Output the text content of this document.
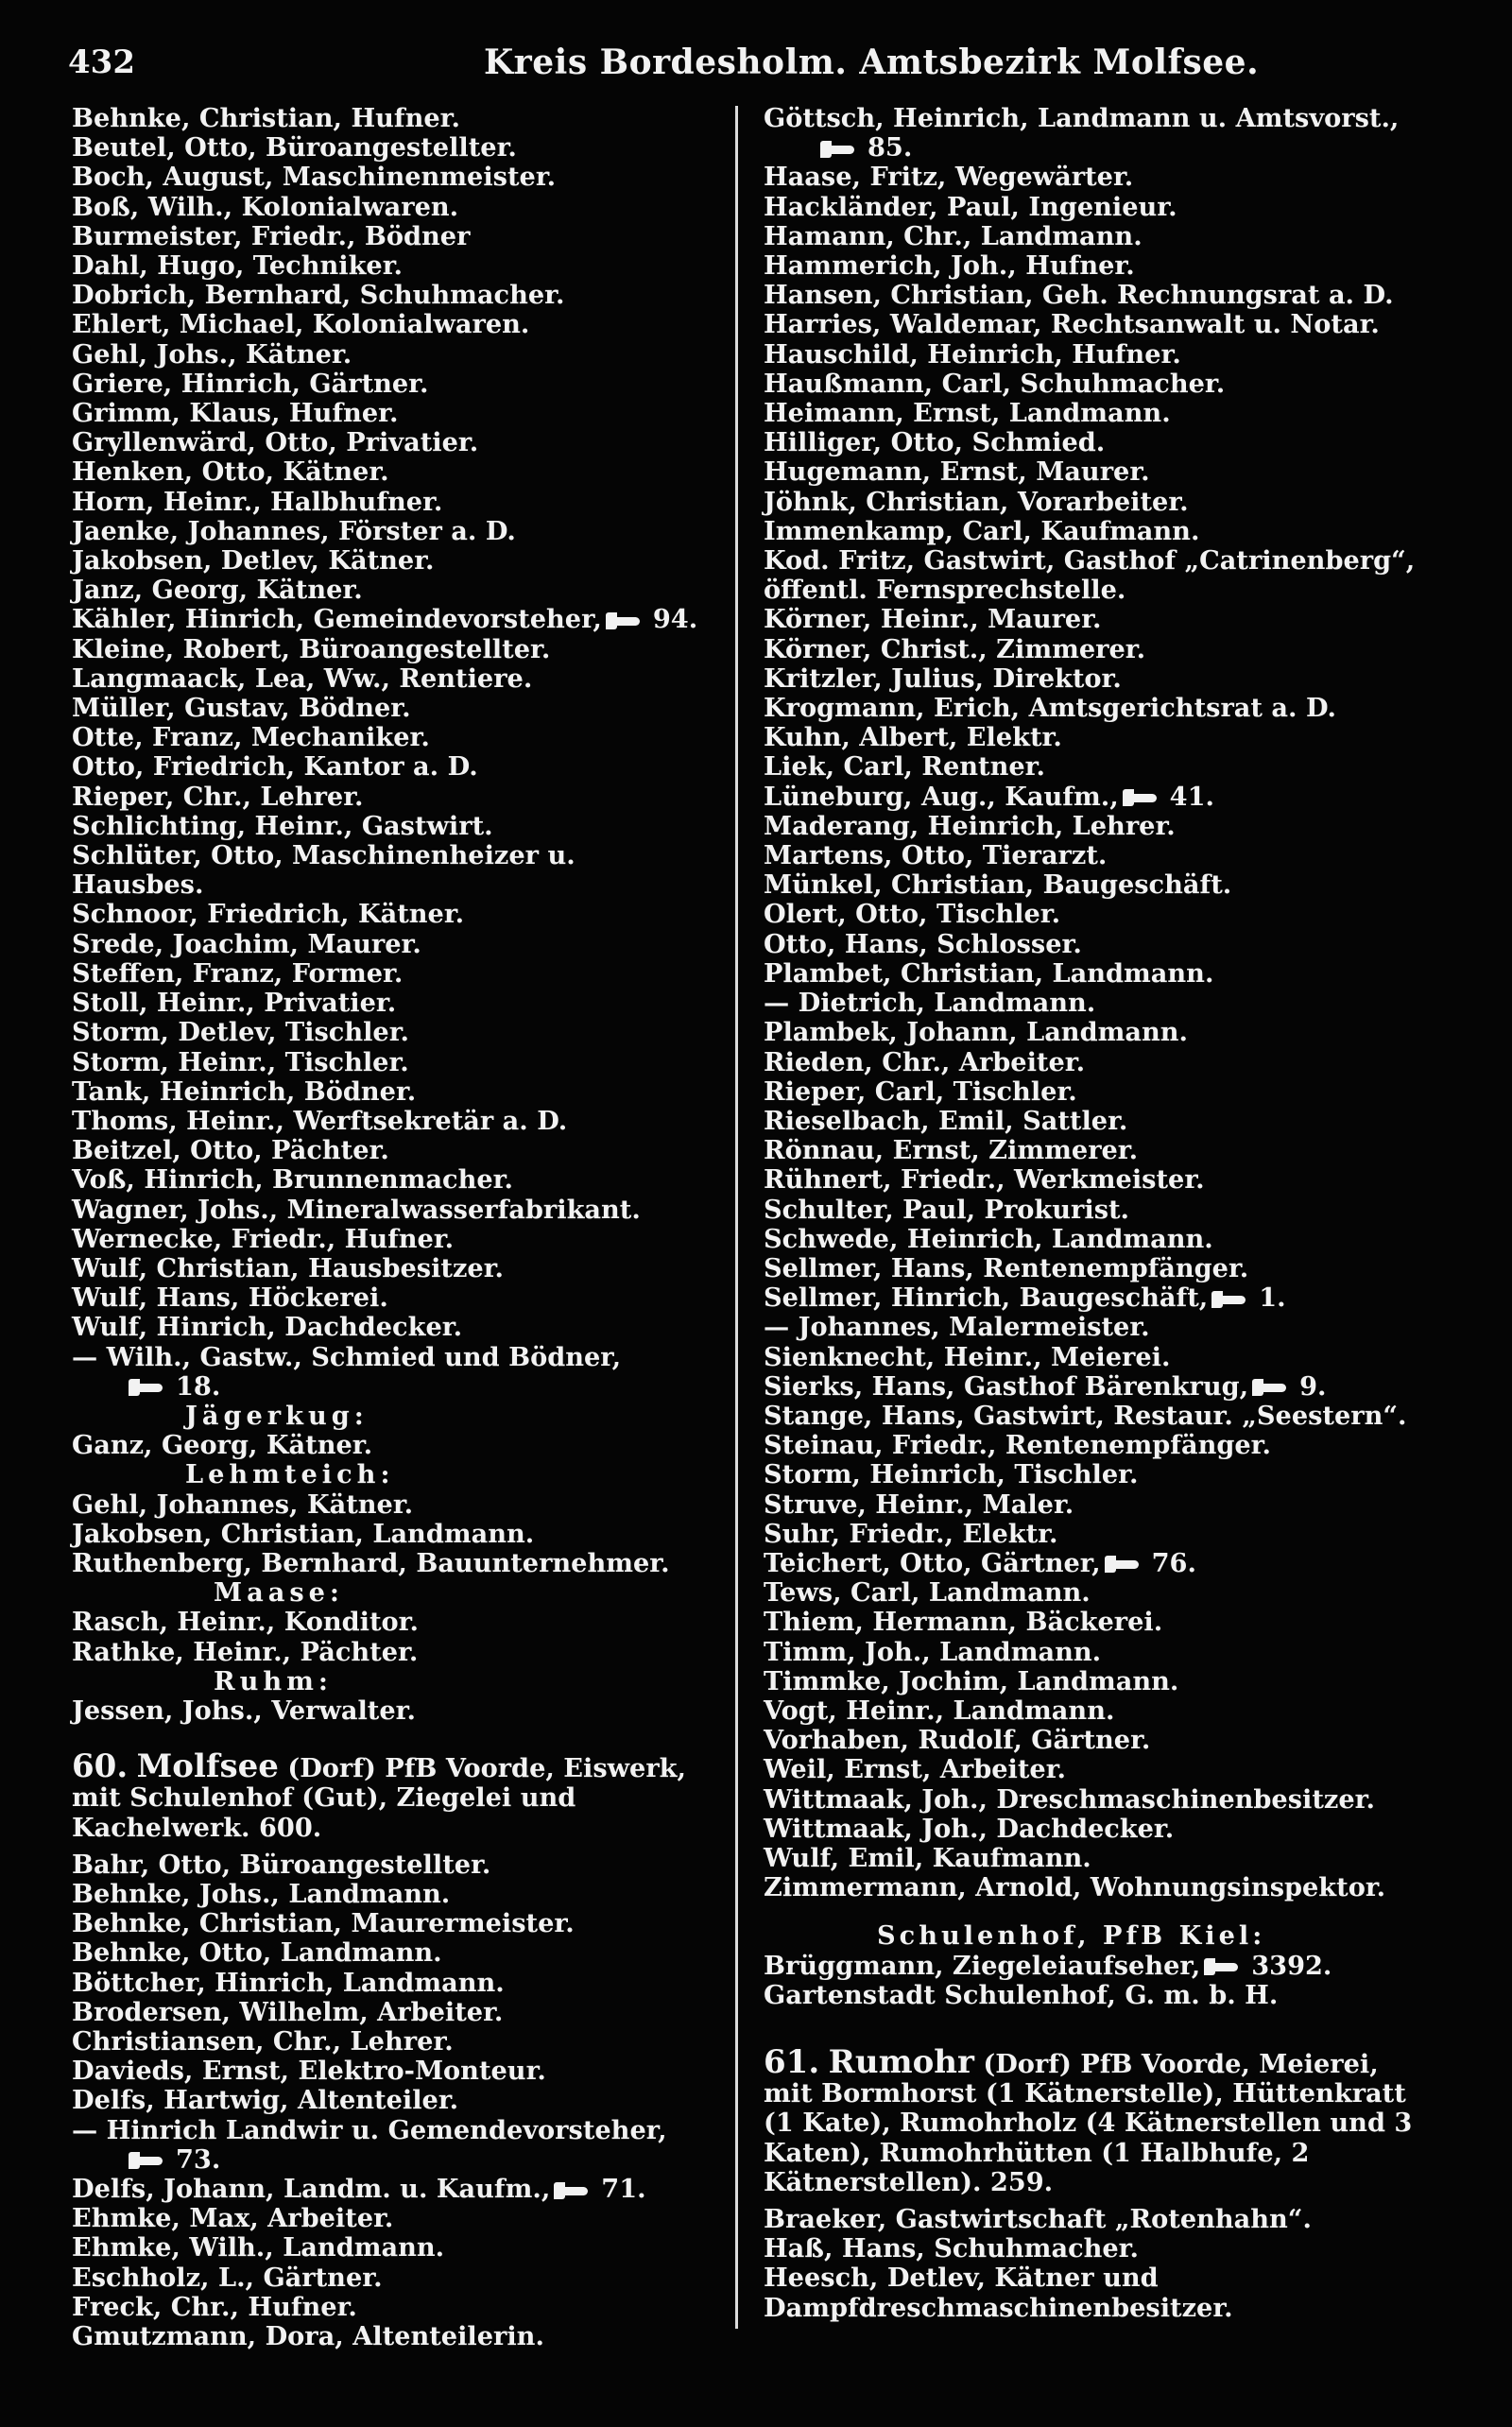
432	Kreis Bordesholm. Amtsbezirk Molfsee.

Behnke, Christian, Hufner.

Beutel, Otto, Büroangestellter.

Boch, August, Maschinenmeister.

Boß, Wilh., Kolonialwaren.

Burmeister, Friedr., Bödner

Dahl, Hugo, Techniker.

Dobrich, Bernhard, Schuhmacher.

Ehlert, Michael, Kolonialwaren.

Gehl, Johs., Kätner.

Griere, Hinrich, Gärtner.

Grimm, Klaus, Hufner.

Gryllenwärd, Otto, Privatier.

Henken, Otto, Kätner.

Horn, Heinr., Halbhufner.

Jaenke, Johannes, Förster a. D.

Jakobsen, Detlev, Kätner.

Janz, Georg, Kätner.

Kähler, Hinrich, Gemeindevorsteher, 94.

Kleine, Robert, Büroangestellter.

Langmaack, Lea, Ww., Rentiere.

Müller, Gustav, Bödner.

Otte, Franz, Mechaniker.

Otto, Friedrich, Kantor a. D.

Rieper, Chr., Lehrer.

Schlichting, Heinr., Gastwirt.

Schlüter, Otto, Maschinenheizer u. Hausbes.

Schnoor, Friedrich, Kätner.

Srede, Joachim, Maurer.

Steffen, Franz, Former.

Stoll, Heinr., Privatier.

Storm, Detlev, Tischler.

Storm, Heinr., Tischler.

Tank, Heinrich, Bödner.

Thoms, Heinr., Werftsekretär a. D.

Beitzel, Otto, Pächter.

Voß, Hinrich, Brunnenmacher.

Wagner, Johs., Mineralwasserfabrikant.

Wernecke, Friedr., Hufner.

Wulf, Christian, Hausbesitzer.

Wulf, Hans, Höckerei.

Wulf, Hinrich, Dachdecker.

— Wilh., Gastw., Schmied und Bödner,
18.

Jägerkug:

Ganz, Georg, Kätner.

Lehmteich:

Gehl, Johannes, Kätner.

Jakobsen, Christian, Landmann.

Ruthenberg, Bernhard, Bauunternehmer.

Maase:

Rasch, Heinr., Konditor.

Rathke, Heinr., Pächter.

Ruhm:

Jessen, Johs., Verwalter.

60. Molfsee (Dorf) PfB Voorde, Eiswerk, mit Schulenhof (Gut), Ziegelei und Kachelwerk. 600.

Bahr, Otto, Büroangestellter.

Behnke, Johs., Landmann.

Behnke, Christian, Maurermeister.

Behnke, Otto, Landmann.

Böttcher, Hinrich, Landmann.

Brodersen, Wilhelm, Arbeiter.

Christiansen, Chr., Lehrer.

Davieds, Ernst, Elektro-Monteur.

Delfs, Hartwig, Altenteiler.

— Hinrich Landwir u. Gemendevorsteher,
73.

Delfs, Johann, Landm. u. Kaufm., 71.

Ehmke, Max, Arbeiter.

Ehmke, Wilh., Landmann.

Eschholz, L., Gärtner.

Freck, Chr., Hufner.

Gmutzmann, Dora, Altenteilerin.

Göttsch, Heinrich, Landmann u. Amtsvorst.,
85.

Haase, Fritz, Wegewärter.

Hackländer, Paul, Ingenieur.

Hamann, Chr., Landmann.

Hammerich, Joh., Hufner.

Hansen, Christian, Geh. Rechnungsrat a. D.

Harries, Waldemar, Rechtsanwalt u. Notar.

Hauschild, Heinrich, Hufner.

Haußmann, Carl, Schuhmacher.

Heimann, Ernst, Landmann.

Hilliger, Otto, Schmied.

Hugemann, Ernst, Maurer.

Jöhnk, Christian, Vorarbeiter.

Immenkamp, Carl, Kaufmann.

Kod. Fritz, Gastwirt, Gasthof „Catrinenberg“, öffentl. Fernsprechstelle.

Körner, Heinr., Maurer.

Körner, Christ., Zimmerer.

Kritzler, Julius, Direktor.

Krogmann, Erich, Amtsgerichtsrat a. D.

Kuhn, Albert, Elektr.

Liek, Carl, Rentner.

Lüneburg, Aug., Kaufm., 41.

Maderang, Heinrich, Lehrer.

Martens, Otto, Tierarzt.

Münkel, Christian, Baugeschäft.

Olert, Otto, Tischler.

Otto, Hans, Schlosser.

Plambet, Christian, Landmann.

— Dietrich, Landmann.

Plambek, Johann, Landmann.

Rieden, Chr., Arbeiter.

Rieper, Carl, Tischler.

Rieselbach, Emil, Sattler.

Rönnau, Ernst, Zimmerer.

Rühnert, Friedr., Werkmeister.

Schulter, Paul, Prokurist.

Schwede, Heinrich, Landmann.

Sellmer, Hans, Rentenempfänger.

Sellmer, Hinrich, Baugeschäft, 1.

— Johannes, Malermeister.

Sienknecht, Heinr., Meierei.

Sierks, Hans, Gasthof Bärenkrug, 9.

Stange, Hans, Gastwirt, Restaur. „Seestern“.

Steinau, Friedr., Rentenempfänger.

Storm, Heinrich, Tischler.

Struve, Heinr., Maler.

Suhr, Friedr., Elektr.

Teichert, Otto, Gärtner, 76.

Tews, Carl, Landmann.

Thiem, Hermann, Bäckerei.

Timm, Joh., Landmann.

Timmke, Jochim, Landmann.

Vogt, Heinr., Landmann.

Vorhaben, Rudolf, Gärtner.

Weil, Ernst, Arbeiter.

Wittmaak, Joh., Dreschmaschinenbesitzer.

Wittmaak, Joh., Dachdecker.

Wulf, Emil, Kaufmann.

Zimmermann, Arnold, Wohnungsinspektor.

Schulenhof, PfB Kiel:

Brüggmann, Ziegeleiaufseher, 3392.

Gartenstadt Schulenhof, G. m. b. H.

61. Rumohr (Dorf) PfB Voorde, Meierei, mit Bormhorst (1 Kätnerstelle), Hüttenkratt (1 Kate), Rumohrholz (4 Kätnerstellen und 3 Katen), Rumohrhütten (1 Halbhufe, 2 Kätnerstellen). 259.

Braeker, Gastwirtschaft „Rotenhahn“.

Haß, Hans, Schuhmacher.

Heesch, Detlev, Kätner und Dampfdreschmaschinenbesitzer.
